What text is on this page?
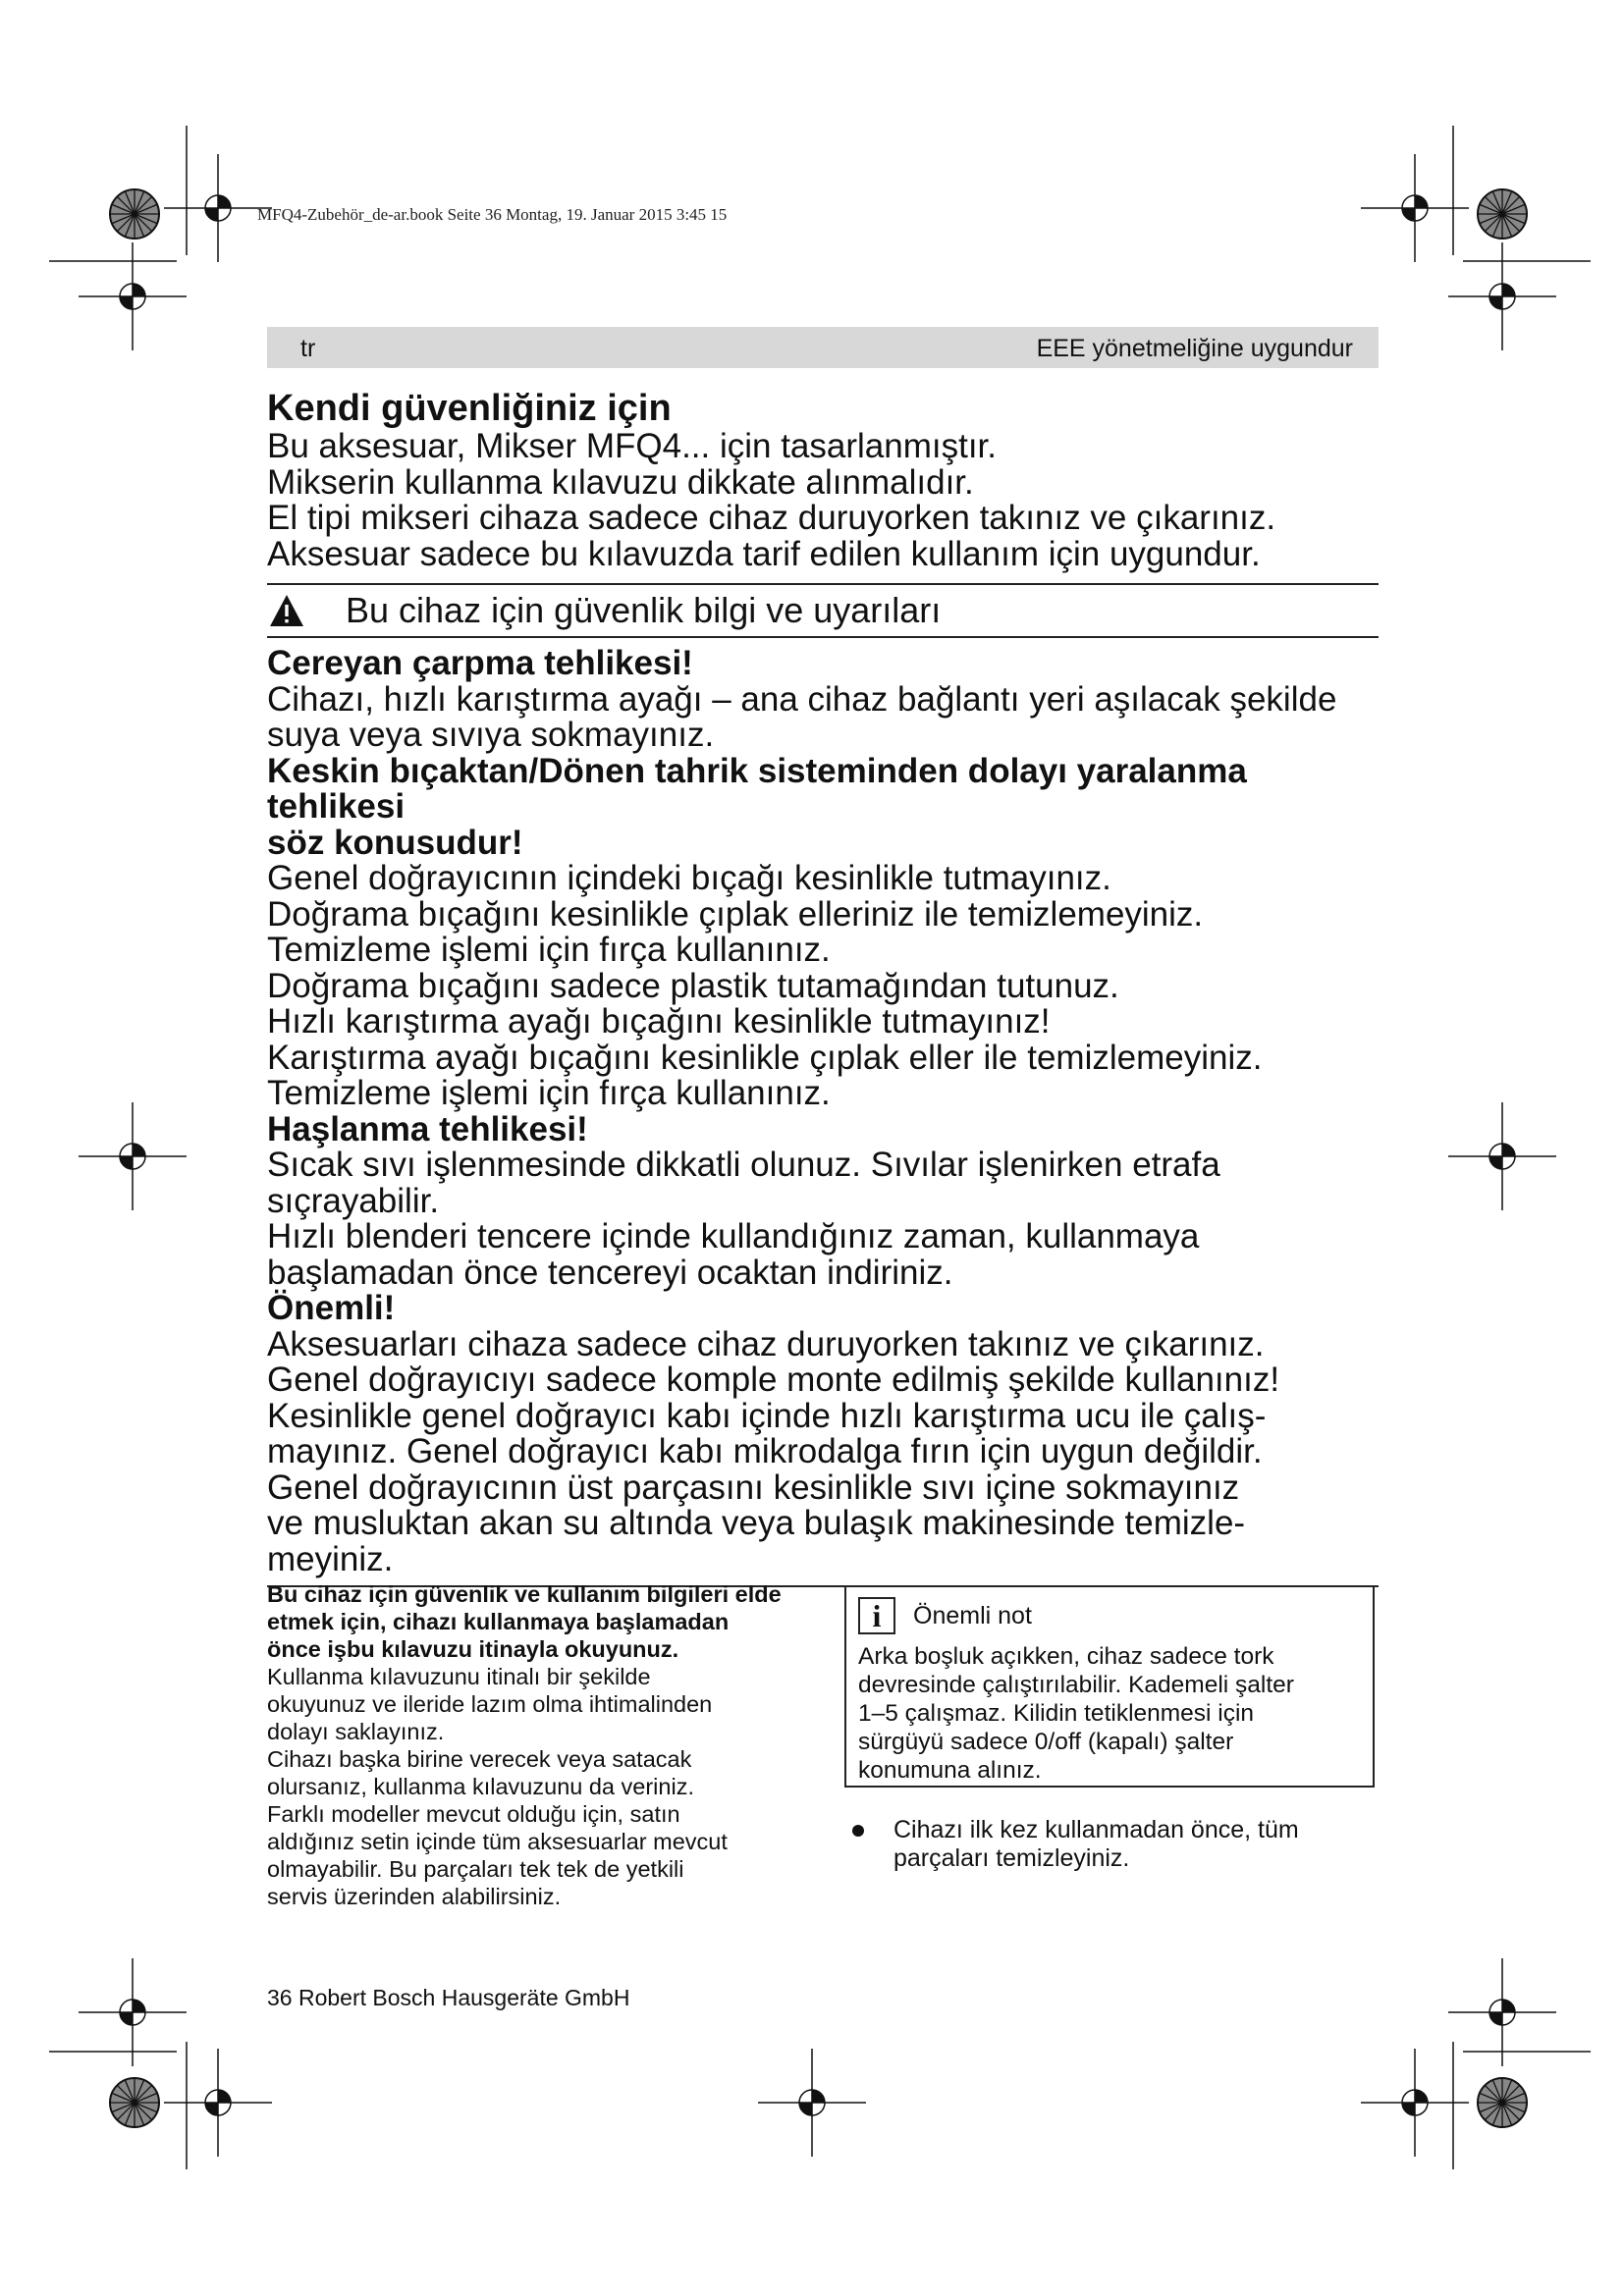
MFQ4-Zubehör_de-ar.book Seite 36 Montag, 19. Januar 2015 3:45 15
tr	EEE yönetmeliğine uygundur
Kendi güvenliğiniz için

Bu aksesuar, Mikser MFQ4... için tasarlanmıştır.

Mikserin kullanma kılavuzu dikkate alınmalıdır.

El tipi mikseri cihaza sadece cihaz duruyorken takınız ve çıkarınız.

Aksesuar sadece bu kılavuzda tarif edilen kullanım için uygundur.

Bu cihaz için güvenlik bilgi ve uyarıları

Cereyan çarpma tehlikesi!

Cihazı, hızlı karıştırma ayağı – ana cihaz bağlantı yeri aşılacak şekilde

suya veya sıvıya sokmayınız.

Keskin bıçaktan/Dönen tahrik sisteminden dolayı yaralanma tehlikesi

söz konusudur!

Genel doğrayıcının içindeki bıçağı kesinlikle tutmayınız.

Doğrama bıçağını kesinlikle çıplak elleriniz ile temizlemeyiniz.

Temizleme işlemi için fırça kullanınız.

Doğrama bıçağını sadece plastik tutamağından tutunuz.

Hızlı karıştırma ayağı bıçağını kesinlikle tutmayınız!

Karıştırma ayağı bıçağını kesinlikle çıplak eller ile temizlemeyiniz.

Temizleme işlemi için fırça kullanınız.

Haşlanma tehlikesi!

Sıcak sıvı işlenmesinde dikkatli olunuz. Sıvılar işlenirken etrafa

sıçrayabilir.

Hızlı blenderi tencere içinde kullandığınız zaman, kullanmaya

başlamadan önce tencereyi ocaktan indiriniz.

Önemli!

Aksesuarları cihaza sadece cihaz duruyorken takınız ve çıkarınız.

Genel doğrayıcıyı sadece komple monte edilmiş şekilde kullanınız!

Kesinlikle genel doğrayıcı kabı içinde hızlı karıştırma ucu ile çalış-

mayınız. Genel doğrayıcı kabı mikrodalga fırın için uygun değildir.

Genel doğrayıcının üst parçasını kesinlikle sıvı içine sokmayınız

ve musluktan akan su altında veya bulaşık makinesinde temizle-

meyiniz.

Bu cihaz için güvenlik ve kullanım bilgileri elde

etmek için, cihazı kullanmaya başlamadan

önce işbu kılavuzu itinayla okuyunuz.

Kullanma kılavuzunu itinalı bir şekilde

okuyunuz ve ileride lazım olma ihtimalinden

dolayı saklayınız.

Cihazı başka birine verecek veya satacak

olursanız, kullanma kılavuzunu da veriniz.

Farklı modeller mevcut olduğu için, satın

aldığınız setin içinde tüm aksesuarlar mevcut

olmayabilir. Bu parçaları tek tek de yetkili

servis üzerinden alabilirsiniz.

i	Önemli not
Arka boşluk açıkken, cihaz sadece tork
devresinde çalıştırılabilir. Kademeli şalter
1–5 çalışmaz. Kilidin tetiklenmesi için
sürgüyü sadece 0/off (kapalı) şalter
konumuna alınız.
Cihazı ilk kez kullanmadan önce, tüm
parçaları temizleyiniz.
36 Robert Bosch Hausgeräte GmbH
